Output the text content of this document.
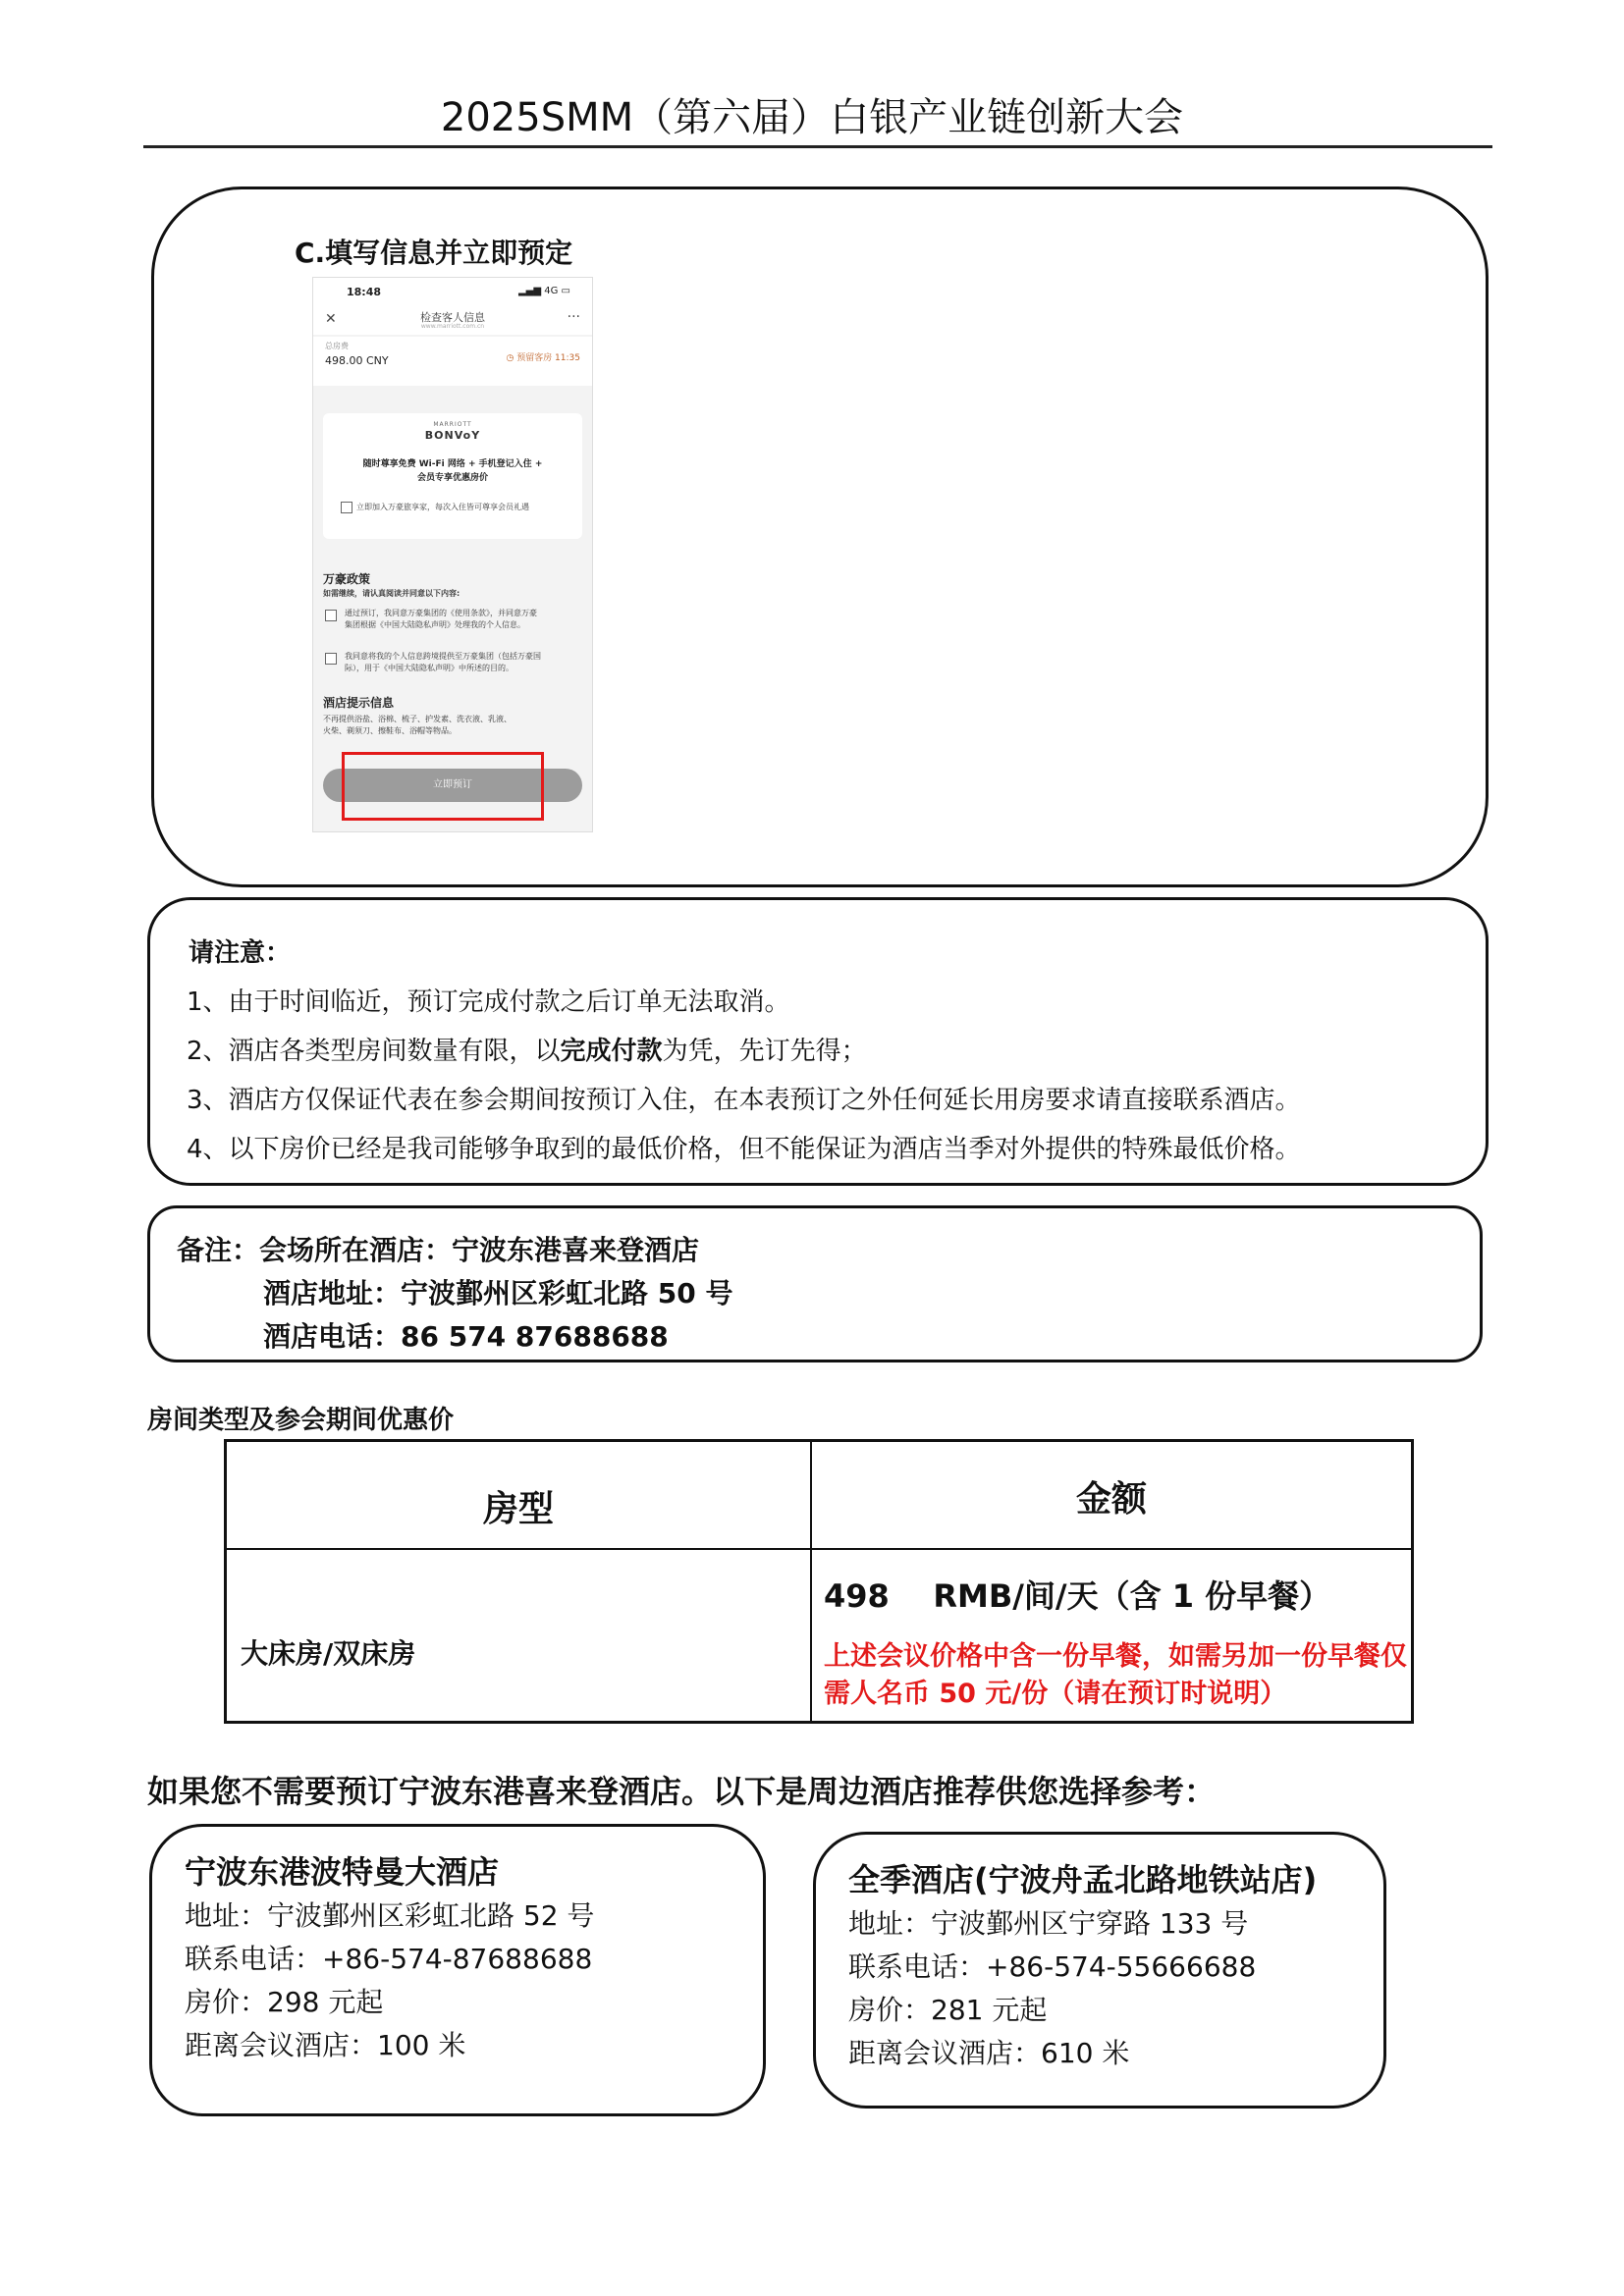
2025SMM（第六届）白银产业链创新大会
C.填写信息并立即预定
18:48	▂▄▆ 4G ▭
✕	检查客人信息
www.marriott.com.cn
···
总房费
498.00 CNY	◷ 预留客房 11:35
MARRIOTT
BONVoY
随时尊享免费 Wi-Fi 网络 + 手机登记入住 +
会员专享优惠房价
立即加入万豪旅享家，每次入住皆可尊享会员礼遇
万豪政策
如需继续，请认真阅读并同意以下内容:
通过预订，我同意万豪集团的《使用条款》，并同意万豪
集团根据《中国大陆隐私声明》处理我的个人信息。
我同意将我的个人信息跨境提供至万豪集团（包括万豪国
际），用于《中国大陆隐私声明》中所述的目的。
酒店提示信息
不再提供浴盐、浴棉、梳子、护发素、洗衣液、乳液、
火柴、剃须刀、擦鞋布、浴帽等物品。
立即预订
请注意：
1、由于时间临近，预订完成付款之后订单无法取消。
2、酒店各类型房间数量有限，以完成付款为凭，先订先得；
3、酒店方仅保证代表在参会期间按预订入住，在本表预订之外任何延长用房要求请直接联系酒店。
4、以下房价已经是我司能够争取到的最低价格，但不能保证为酒店当季对外提供的特殊最低价格。
备注：会场所在酒店：宁波东港喜来登酒店
酒店地址：宁波鄞州区彩虹北路 50 号
酒店电话：86 574 87688688
房间类型及参会期间优惠价
房型	金额
大床房/双床房
498    RMB/间/天（含 1 份早餐）
上述会议价格中含一份早餐，如需另加一份早餐仅需人名币 50 元/份（请在预订时说明）
如果您不需要预订宁波东港喜来登酒店。以下是周边酒店推荐供您选择参考：
宁波东港波特曼大酒店
地址：宁波鄞州区彩虹北路 52 号
联系电话：+86-574-87688688
房价：298 元起
距离会议酒店：100 米
全季酒店(宁波舟孟北路地铁站店)
地址：宁波鄞州区宁穿路 133 号
联系电话：+86-574-55666688
房价：281 元起
距离会议酒店：610 米
